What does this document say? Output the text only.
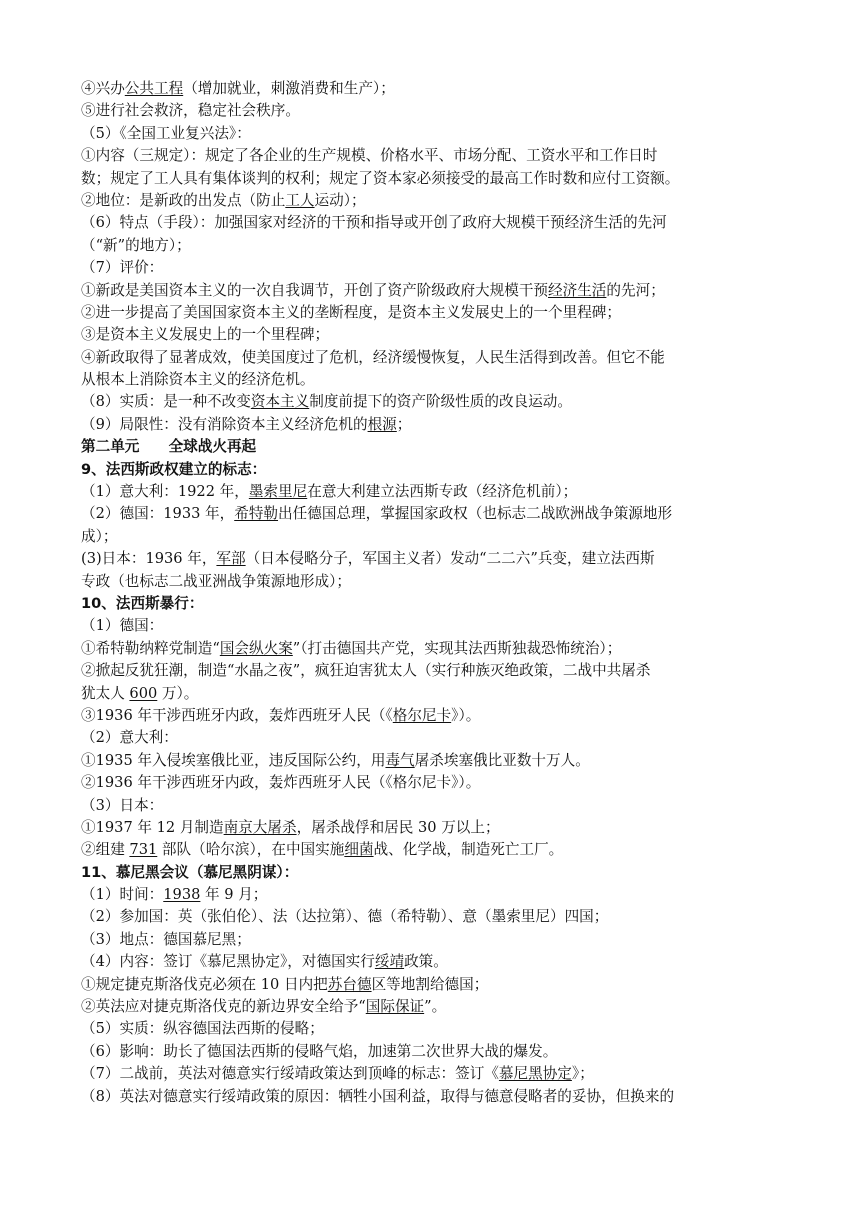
④兴办公共工程（增加就业，刺激消费和生产）；
⑤进行社会救济，稳定社会秩序。
（5）《全国工业复兴法》：
①内容（三规定）：规定了各企业的生产规模、价格水平、市场分配、工资水平和工作日时
数；规定了工人具有集体谈判的权利；规定了资本家必须接受的最高工作时数和应付工资额。
②地位：是新政的出发点（防止工人运动）；
（6）特点（手段）：加强国家对经济的干预和指导或开创了政府大规模干预经济生活的先河
（“新”的地方）；
（7）评价：
①新政是美国资本主义的一次自我调节，开创了资产阶级政府大规模干预经济生活的先河；
②进一步提高了美国国家资本主义的垄断程度，是资本主义发展史上的一个里程碑；
③是资本主义发展史上的一个里程碑；
④新政取得了显著成效，使美国度过了危机，经济缓慢恢复，人民生活得到改善。但它不能
从根本上消除资本主义的经济危机。
（8）实质：是一种不改变资本主义制度前提下的资产阶级性质的改良运动。
（9）局限性：没有消除资本主义经济危机的根源；
第二单元　　全球战火再起
9、法西斯政权建立的标志：
（1）意大利：1922 年，墨索里尼在意大利建立法西斯专政（经济危机前）；
（2）德国：1933 年，希特勒出任德国总理，掌握国家政权（也标志二战欧洲战争策源地形
成）；
(3)日本：1936 年，军部（日本侵略分子，军国主义者）发动“二二六”兵变，建立法西斯
专政（也标志二战亚洲战争策源地形成）；
10、法西斯暴行：
（1）德国：
①希特勒纳粹党制造“国会纵火案”（打击德国共产党，实现其法西斯独裁恐怖统治）；
②掀起反犹狂潮，制造“水晶之夜”，疯狂迫害犹太人（实行种族灭绝政策，二战中共屠杀
犹太人 600 万）。
③1936 年干涉西班牙内政，轰炸西班牙人民（《格尔尼卡》）。
（2）意大利：
①1935 年入侵埃塞俄比亚，违反国际公约，用毒气屠杀埃塞俄比亚数十万人。
②1936 年干涉西班牙内政，轰炸西班牙人民（《格尔尼卡》）。
（3）日本：
①1937 年 12 月制造南京大屠杀，屠杀战俘和居民 30 万以上；
②组建 731 部队（哈尔滨），在中国实施细菌战、化学战，制造死亡工厂。
11、慕尼黑会议（慕尼黑阴谋）：
（1）时间：1938 年 9 月；
（2）参加国：英（张伯伦）、法（达拉第）、德（希特勒）、意（墨索里尼）四国；
（3）地点：德国慕尼黑；
（4）内容：签订《慕尼黑协定》，对德国实行绥靖政策。
①规定捷克斯洛伐克必须在 10 日内把苏台德区等地割给德国；
②英法应对捷克斯洛伐克的新边界安全给予“国际保证”。
（5）实质：纵容德国法西斯的侵略；
（6）影响：助长了德国法西斯的侵略气焰，加速第二次世界大战的爆发。
（7）二战前，英法对德意实行绥靖政策达到顶峰的标志：签订《慕尼黑协定》；
（8）英法对德意实行绥靖政策的原因：牺牲小国利益，取得与德意侵略者的妥协，但换来的
